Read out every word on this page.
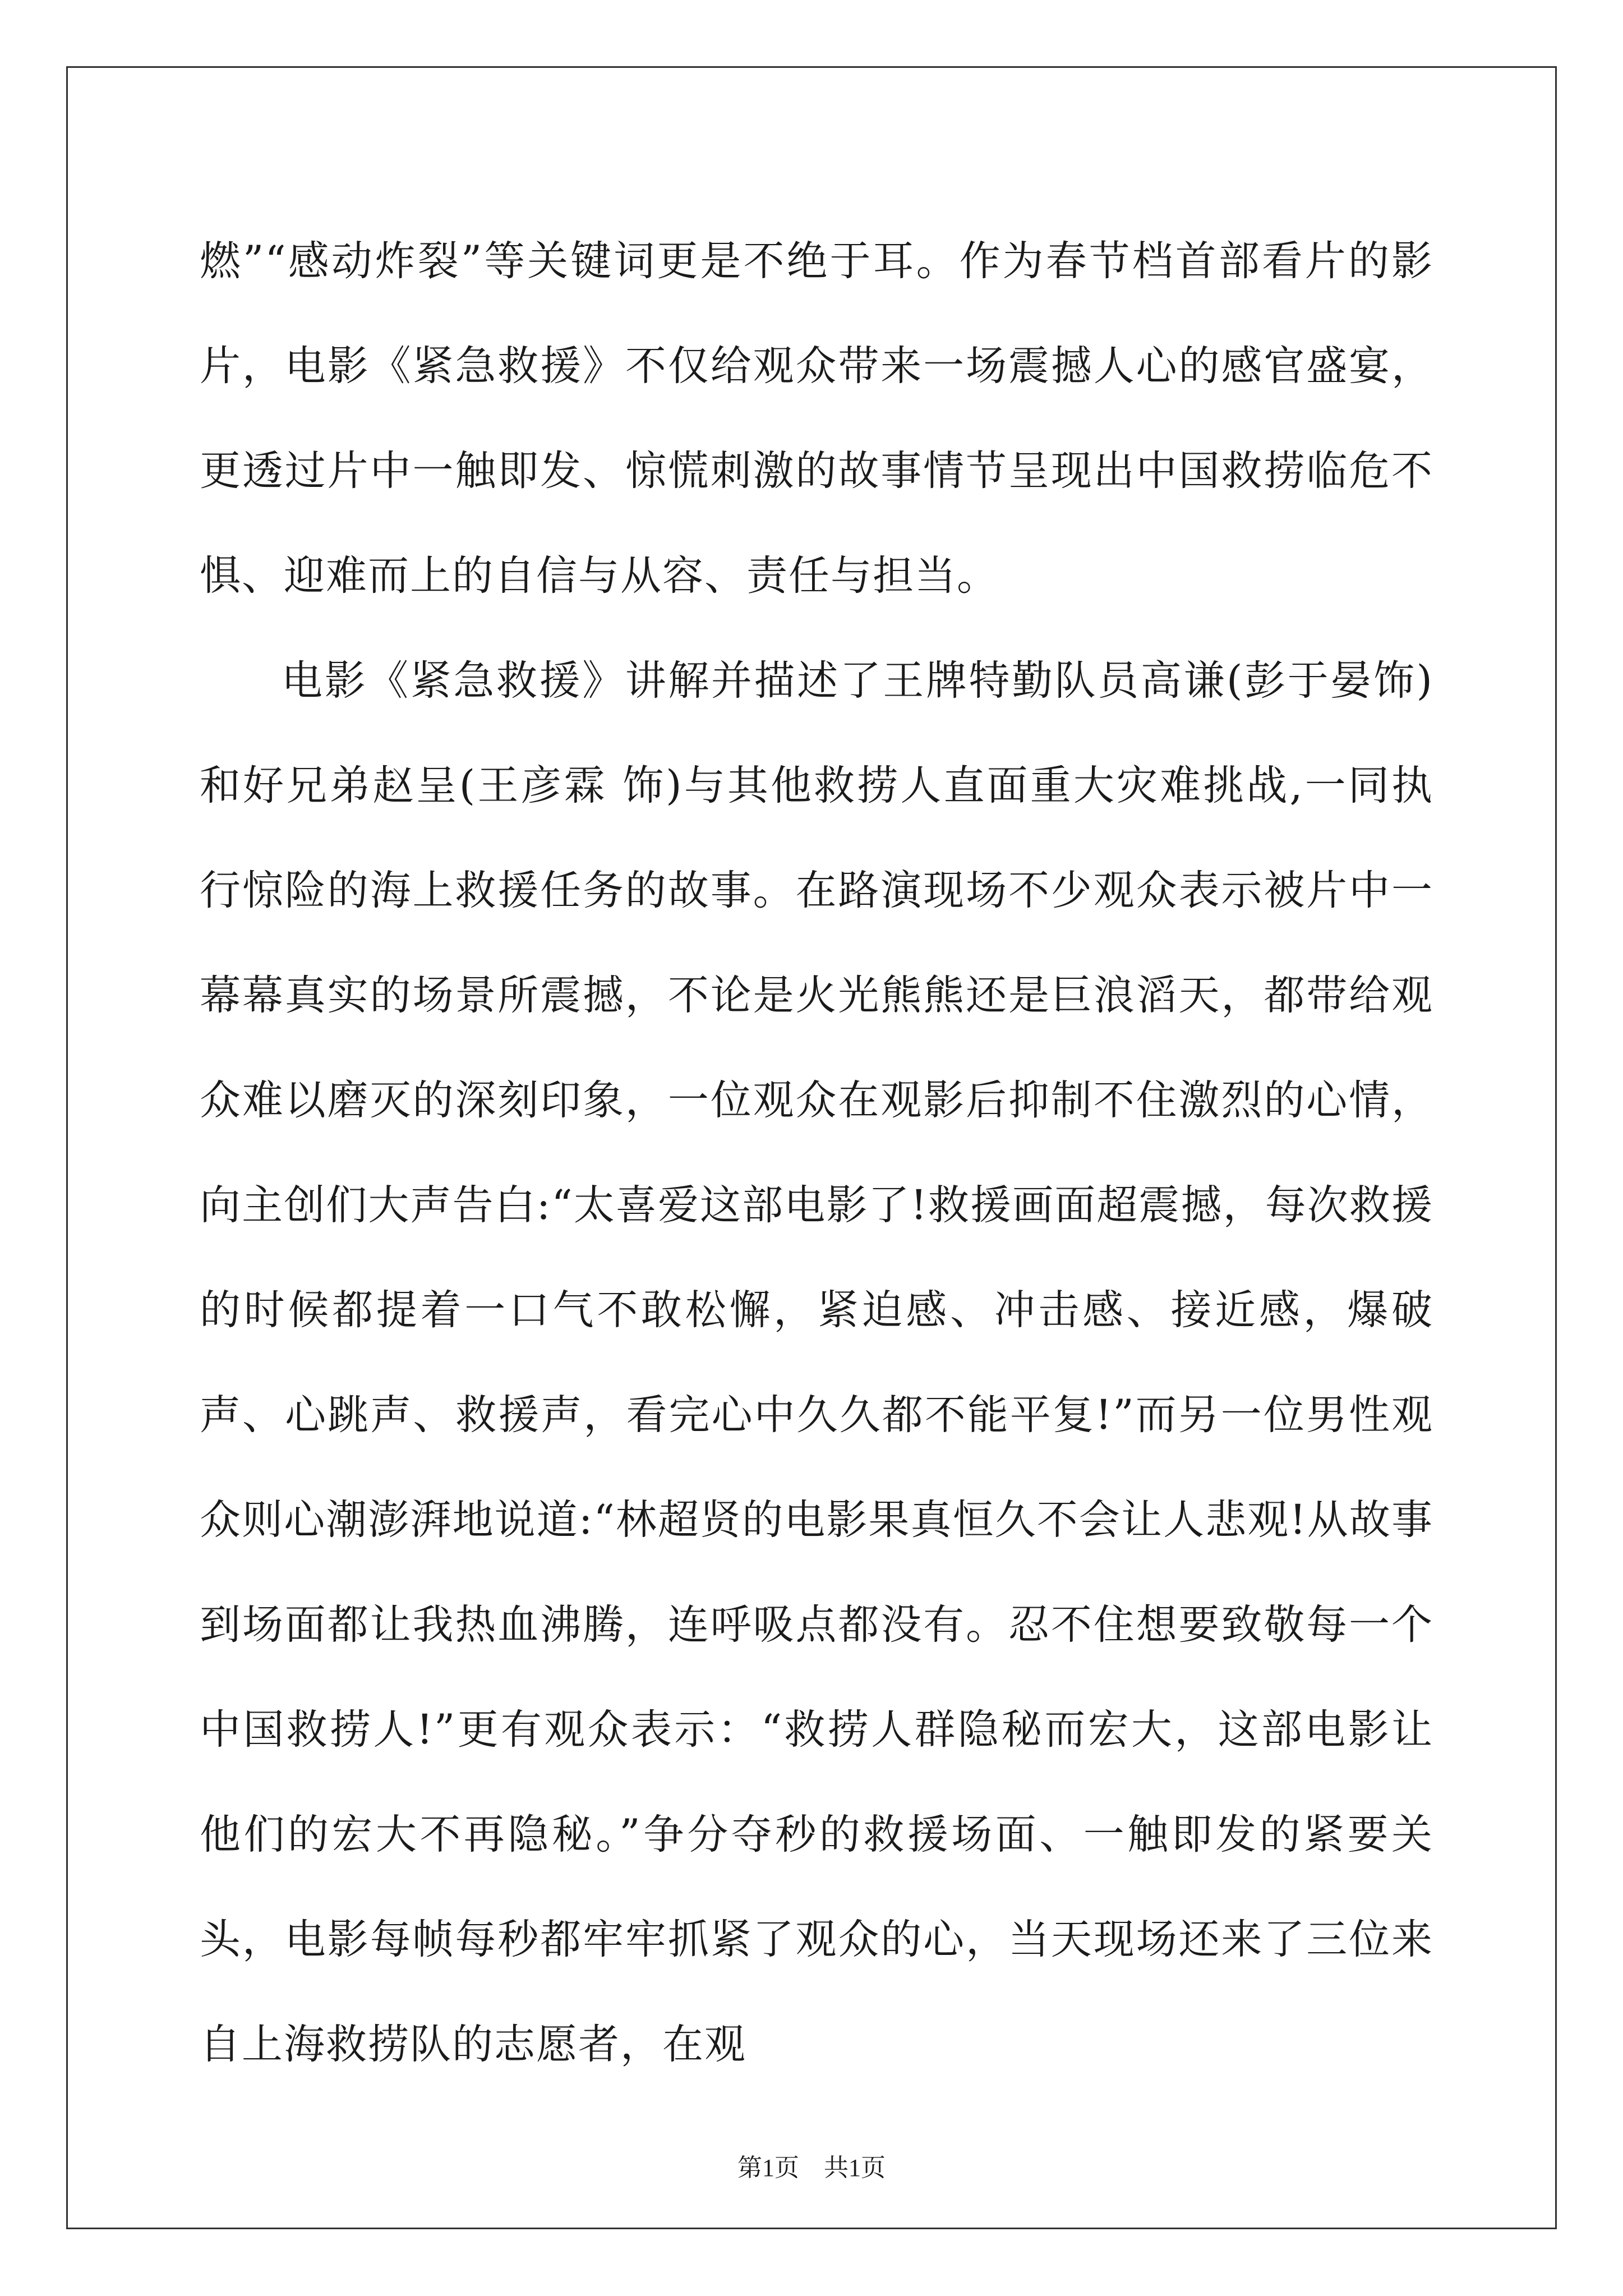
燃”“感动炸裂”等关键词更是不绝于耳。作为春节档首部看片的影片，电影《紧急救援》不仅给观众带来一场震撼人心的感官盛宴，更透过片中一触即发、惊慌刺激的故事情节呈现出中国救捞临危不惧、迎难而上的自信与从容、责任与担当。

电影《紧急救援》讲解并描述了王牌特勤队员高谦(彭于晏饰)和好兄弟赵呈(王彦霖 饰)与其他救捞人直面重大灾难挑战,一同执行惊险的海上救援任务的故事。在路演现场不少观众表示被片中一幕幕真实的场景所震撼，不论是火光熊熊还是巨浪滔天，都带给观众难以磨灭的深刻印象，一位观众在观影后抑制不住激烈的心情，向主创们大声告白:“太喜爱这部电影了!救援画面超震撼，每次救援的时候都提着一口气不敢松懈，紧迫感、冲击感、接近感，爆破声、心跳声、救援声，看完心中久久都不能平复!”而另一位男性观众则心潮澎湃地说道:“林超贤的电影果真恒久不会让人悲观!从故事到场面都让我热血沸腾，连呼吸点都没有。忍不住想要致敬每一个中国救捞人!”更有观众表示：“救捞人群隐秘而宏大，这部电影让他们的宏大不再隐秘。”争分夺秒的救援场面、一触即发的紧要关头，电影每帧每秒都牢牢抓紧了观众的心，当天现场还来了三位来自上海救捞队的志愿者，在观

第1页　共1页
